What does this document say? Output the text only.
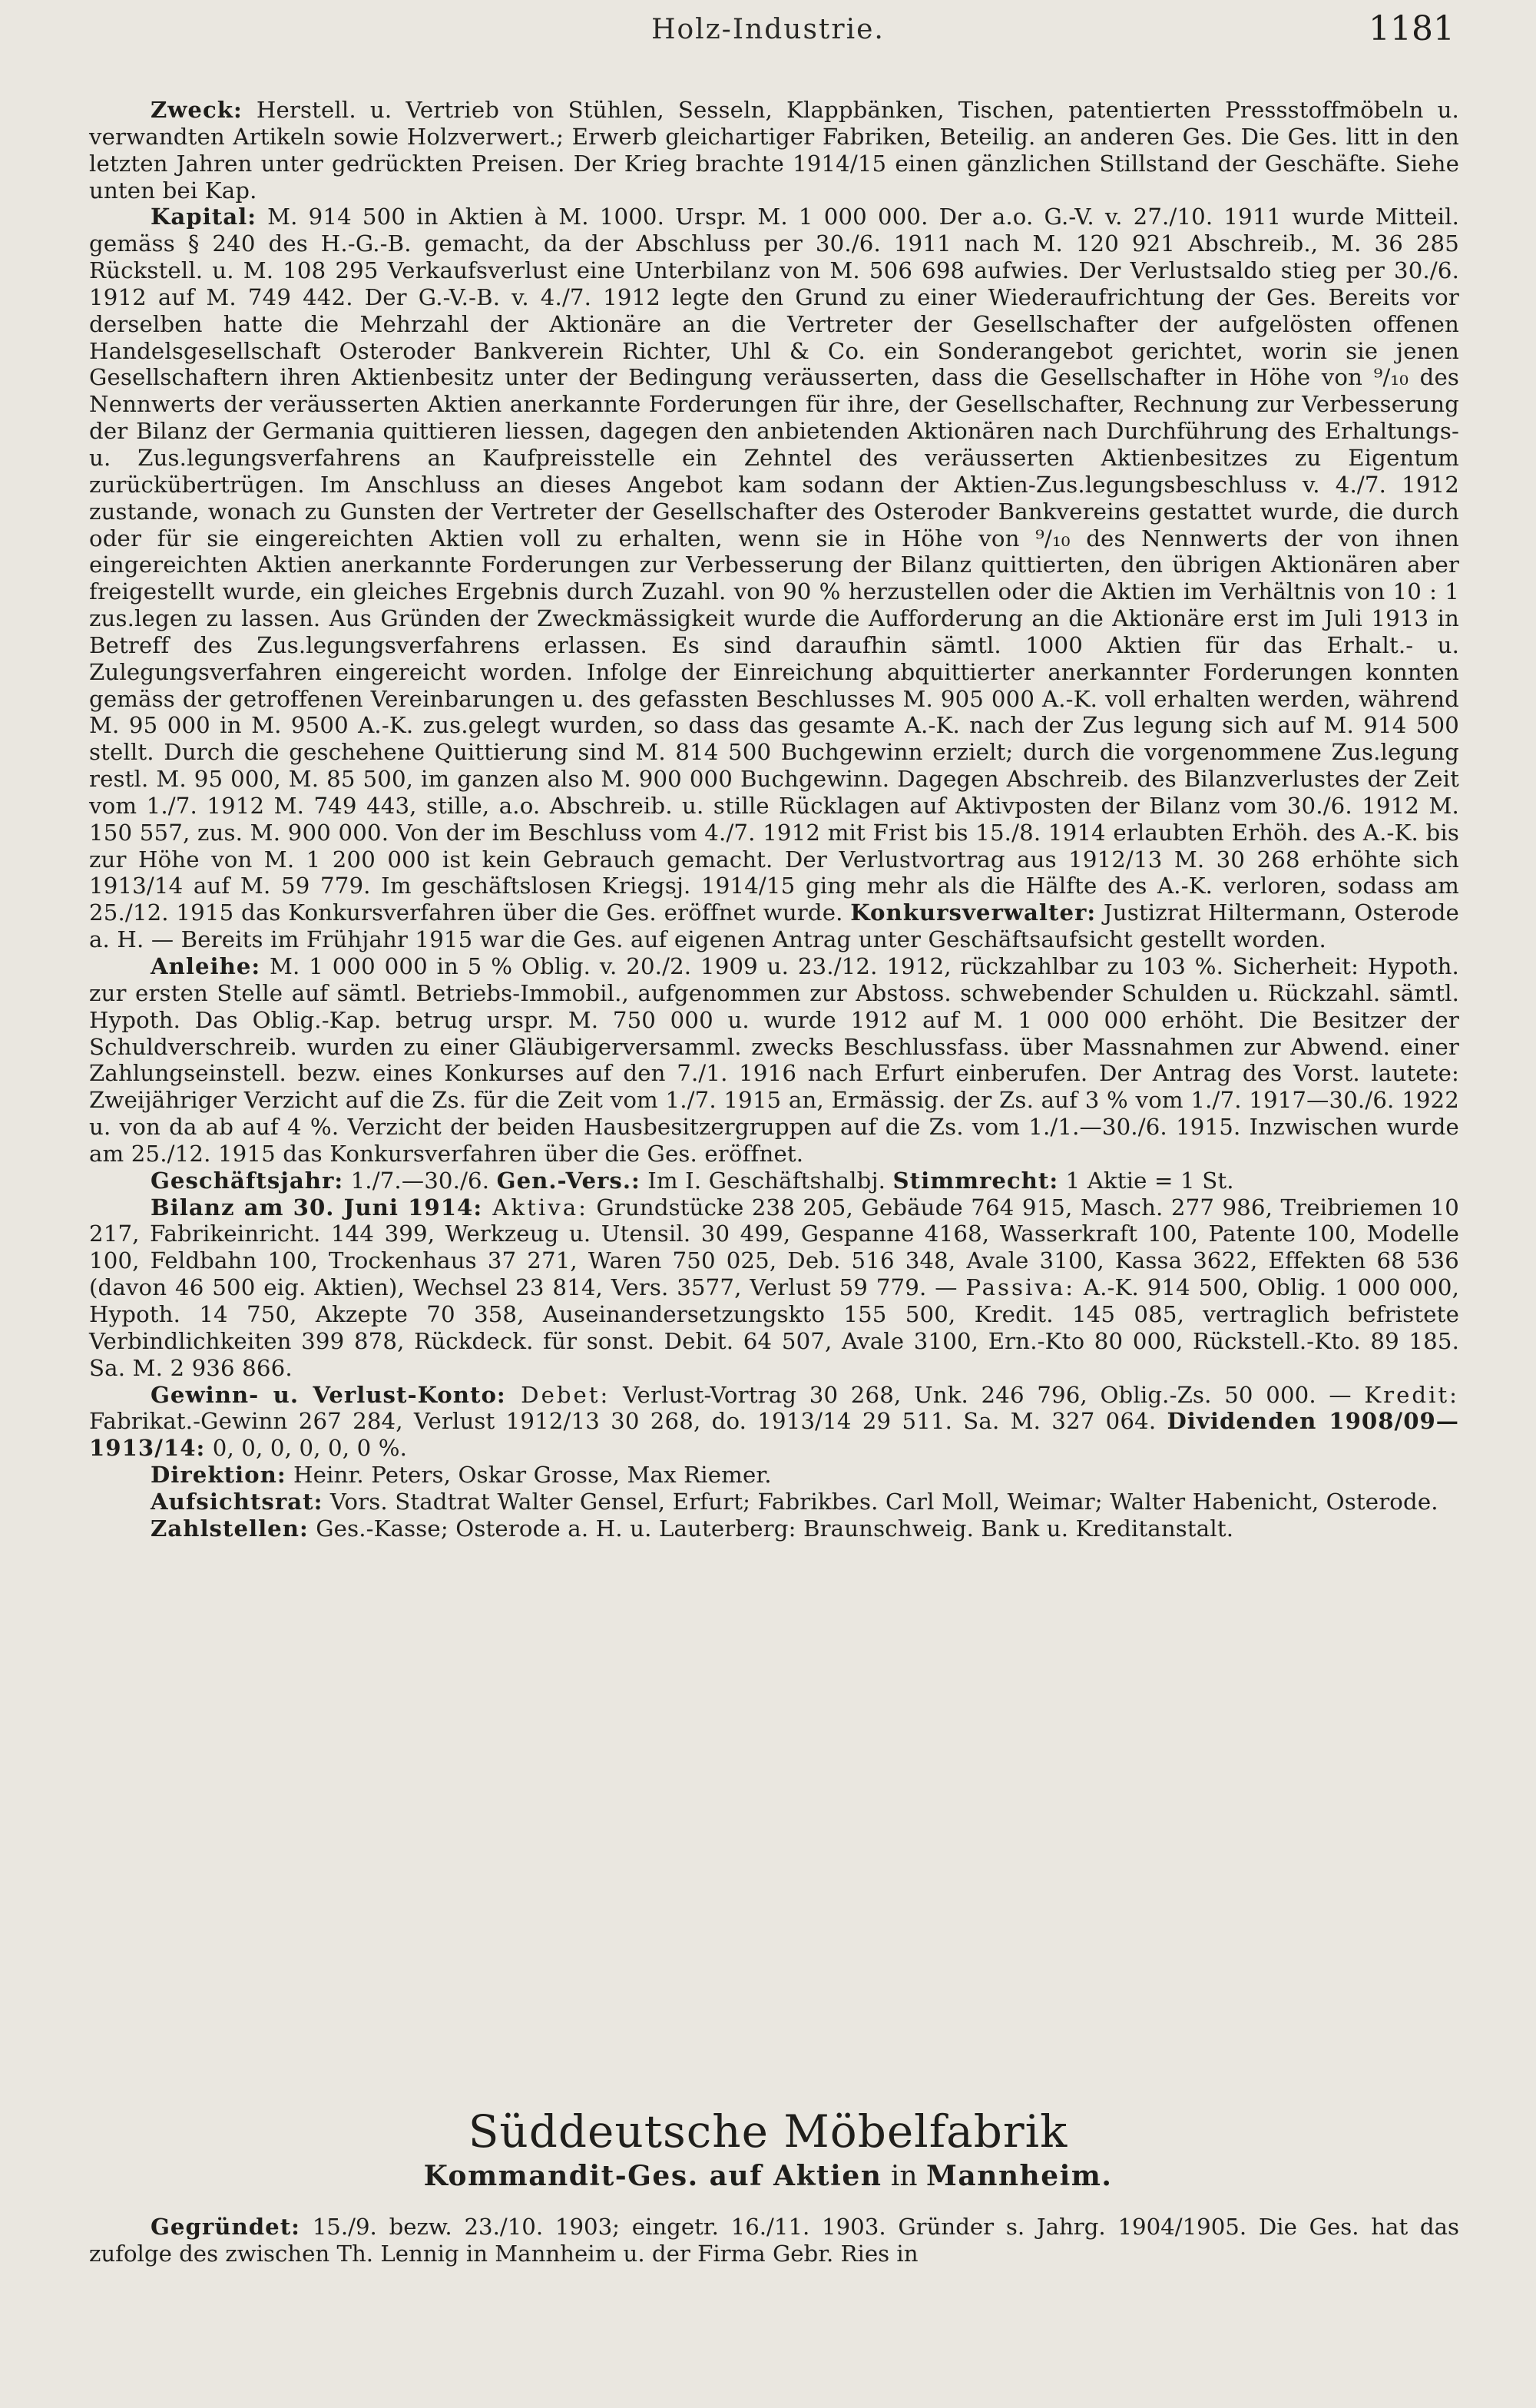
Holz-Industrie.	1181

Zweck: Herstell. u. Vertrieb von Stühlen, Sesseln, Klappbänken, Tischen, patentierten Pressstoffmöbeln u. verwandten Artikeln sowie Holzverwert.; Erwerb gleichartiger Fabriken, Beteilig. an anderen Ges. Die Ges. litt in den letzten Jahren unter gedrückten Preisen. Der Krieg brachte 1914/15 einen gänzlichen Stillstand der Geschäfte. Siehe unten bei Kap.

Kapital: M. 914 500 in Aktien à M. 1000. Urspr. M. 1 000 000. Der a.o. G.-V. v. 27./10. 1911 wurde Mitteil. gemäss § 240 des H.-G.-B. gemacht, da der Abschluss per 30./6. 1911 nach M. 120 921 Abschreib., M. 36 285 Rückstell. u. M. 108 295 Verkaufsverlust eine Unterbilanz von M. 506 698 aufwies. Der Verlustsaldo stieg per 30./6. 1912 auf M. 749 442. Der G.-V.-B. v. 4./7. 1912 legte den Grund zu einer Wiederaufrichtung der Ges. Bereits vor derselben hatte die Mehrzahl der Aktionäre an die Vertreter der Gesellschafter der aufgelösten offenen Handelsgesellschaft Osteroder Bankverein Richter, Uhl & Co. ein Sonderangebot gerichtet, worin sie jenen Gesellschaftern ihren Aktienbesitz unter der Bedingung veräusserten, dass die Gesellschafter in Höhe von ⁹/₁₀ des Nennwerts der veräusserten Aktien anerkannte Forderungen für ihre, der Gesellschafter, Rechnung zur Verbesserung der Bilanz der Germania quittieren liessen, dagegen den anbietenden Aktionären nach Durchführung des Erhaltungs- u. Zus.legungsverfahrens an Kaufpreisstelle ein Zehntel des veräusserten Aktienbesitzes zu Eigentum zurückübertrügen. Im Anschluss an dieses Angebot kam sodann der Aktien-Zus.legungsbeschluss v. 4./7. 1912 zustande, wonach zu Gunsten der Vertreter der Gesellschafter des Osteroder Bankvereins gestattet wurde, die durch oder für sie eingereichten Aktien voll zu erhalten, wenn sie in Höhe von ⁹/₁₀ des Nennwerts der von ihnen eingereichten Aktien anerkannte Forderungen zur Verbesserung der Bilanz quittierten, den übrigen Aktionären aber freigestellt wurde, ein gleiches Ergebnis durch Zuzahl. von 90 % herzustellen oder die Aktien im Verhältnis von 10 : 1 zus.legen zu lassen. Aus Gründen der Zweckmässigkeit wurde die Aufforderung an die Aktionäre erst im Juli 1913 in Betreff des Zus.legungsverfahrens erlassen. Es sind daraufhin sämtl. 1000 Aktien für das Erhalt.- u. Zulegungsverfahren eingereicht worden. Infolge der Einreichung abquittierter anerkannter Forderungen konnten gemäss der getroffenen Vereinbarungen u. des gefassten Beschlusses M. 905 000 A.-K. voll erhalten werden, während M. 95 000 in M. 9500 A.-K. zus.gelegt wurden, so dass das gesamte A.-K. nach der Zus legung sich auf M. 914 500 stellt. Durch die geschehene Quittierung sind M. 814 500 Buchgewinn erzielt; durch die vorgenommene Zus.legung restl. M. 95 000, M. 85 500, im ganzen also M. 900 000 Buchgewinn. Dagegen Abschreib. des Bilanzverlustes der Zeit vom 1./7. 1912 M. 749 443, stille, a.o. Abschreib. u. stille Rücklagen auf Aktivposten der Bilanz vom 30./6. 1912 M. 150 557, zus. M. 900 000. Von der im Beschluss vom 4./7. 1912 mit Frist bis 15./8. 1914 erlaubten Erhöh. des A.-K. bis zur Höhe von M. 1 200 000 ist kein Gebrauch gemacht. Der Verlustvortrag aus 1912/13 M. 30 268 erhöhte sich 1913/14 auf M. 59 779. Im geschäftslosen Kriegsj. 1914/15 ging mehr als die Hälfte des A.-K. verloren, sodass am 25./12. 1915 das Konkursverfahren über die Ges. eröffnet wurde. Konkursverwalter: Justizrat Hiltermann, Osterode a. H. — Bereits im Frühjahr 1915 war die Ges. auf eigenen Antrag unter Geschäftsaufsicht gestellt worden.

Anleihe: M. 1 000 000 in 5 % Oblig. v. 20./2. 1909 u. 23./12. 1912, rückzahlbar zu 103 %. Sicherheit: Hypoth. zur ersten Stelle auf sämtl. Betriebs-Immobil., aufgenommen zur Abstoss. schwebender Schulden u. Rückzahl. sämtl. Hypoth. Das Oblig.-Kap. betrug urspr. M. 750 000 u. wurde 1912 auf M. 1 000 000 erhöht. Die Besitzer der Schuldverschreib. wurden zu einer Gläubigerversamml. zwecks Beschlussfass. über Massnahmen zur Abwend. einer Zahlungseinstell. bezw. eines Konkurses auf den 7./1. 1916 nach Erfurt einberufen. Der Antrag des Vorst. lautete: Zweijähriger Verzicht auf die Zs. für die Zeit vom 1./7. 1915 an, Ermässig. der Zs. auf 3 % vom 1./7. 1917—30./6. 1922 u. von da ab auf 4 %. Verzicht der beiden Hausbesitzergruppen auf die Zs. vom 1./1.—30./6. 1915. Inzwischen wurde am 25./12. 1915 das Konkursverfahren über die Ges. eröffnet.

Geschäftsjahr: 1./7.—30./6. Gen.-Vers.: Im I. Geschäftshalbj. Stimmrecht: 1 Aktie = 1 St.

Bilanz am 30. Juni 1914: Aktiva: Grundstücke 238 205, Gebäude 764 915, Masch. 277 986, Treibriemen 10 217, Fabrikeinricht. 144 399, Werkzeug u. Utensil. 30 499, Gespanne 4168, Wasserkraft 100, Patente 100, Modelle 100, Feldbahn 100, Trockenhaus 37 271, Waren 750 025, Deb. 516 348, Avale 3100, Kassa 3622, Effekten 68 536 (davon 46 500 eig. Aktien), Wechsel 23 814, Vers. 3577, Verlust 59 779. — Passiva: A.-K. 914 500, Oblig. 1 000 000, Hypoth. 14 750, Akzepte 70 358, Auseinandersetzungskto 155 500, Kredit. 145 085, vertraglich befristete Verbindlichkeiten 399 878, Rückdeck. für sonst. Debit. 64 507, Avale 3100, Ern.-Kto 80 000, Rückstell.-Kto. 89 185. Sa. M. 2 936 866.

Gewinn- u. Verlust-Konto: Debet: Verlust-Vortrag 30 268, Unk. 246 796, Oblig.-Zs. 50 000. — Kredit: Fabrikat.-Gewinn 267 284, Verlust 1912/13 30 268, do. 1913/14 29 511. Sa. M. 327 064. Dividenden 1908/09—1913/14: 0, 0, 0, 0, 0, 0 %.

Direktion: Heinr. Peters, Oskar Grosse, Max Riemer.

Aufsichtsrat: Vors. Stadtrat Walter Gensel, Erfurt; Fabrikbes. Carl Moll, Weimar; Walter Habenicht, Osterode.

Zahlstellen: Ges.-Kasse; Osterode a. H. u. Lauterberg: Braunschweig. Bank u. Kreditanstalt.

Süddeutsche Möbelfabrik
Kommandit-Ges. auf Aktien in Mannheim.

Gegründet: 15./9. bezw. 23./10. 1903; eingetr. 16./11. 1903. Gründer s. Jahrg. 1904/1905. Die Ges. hat das zufolge des zwischen Th. Lennig in Mannheim u. der Firma Gebr. Ries in
